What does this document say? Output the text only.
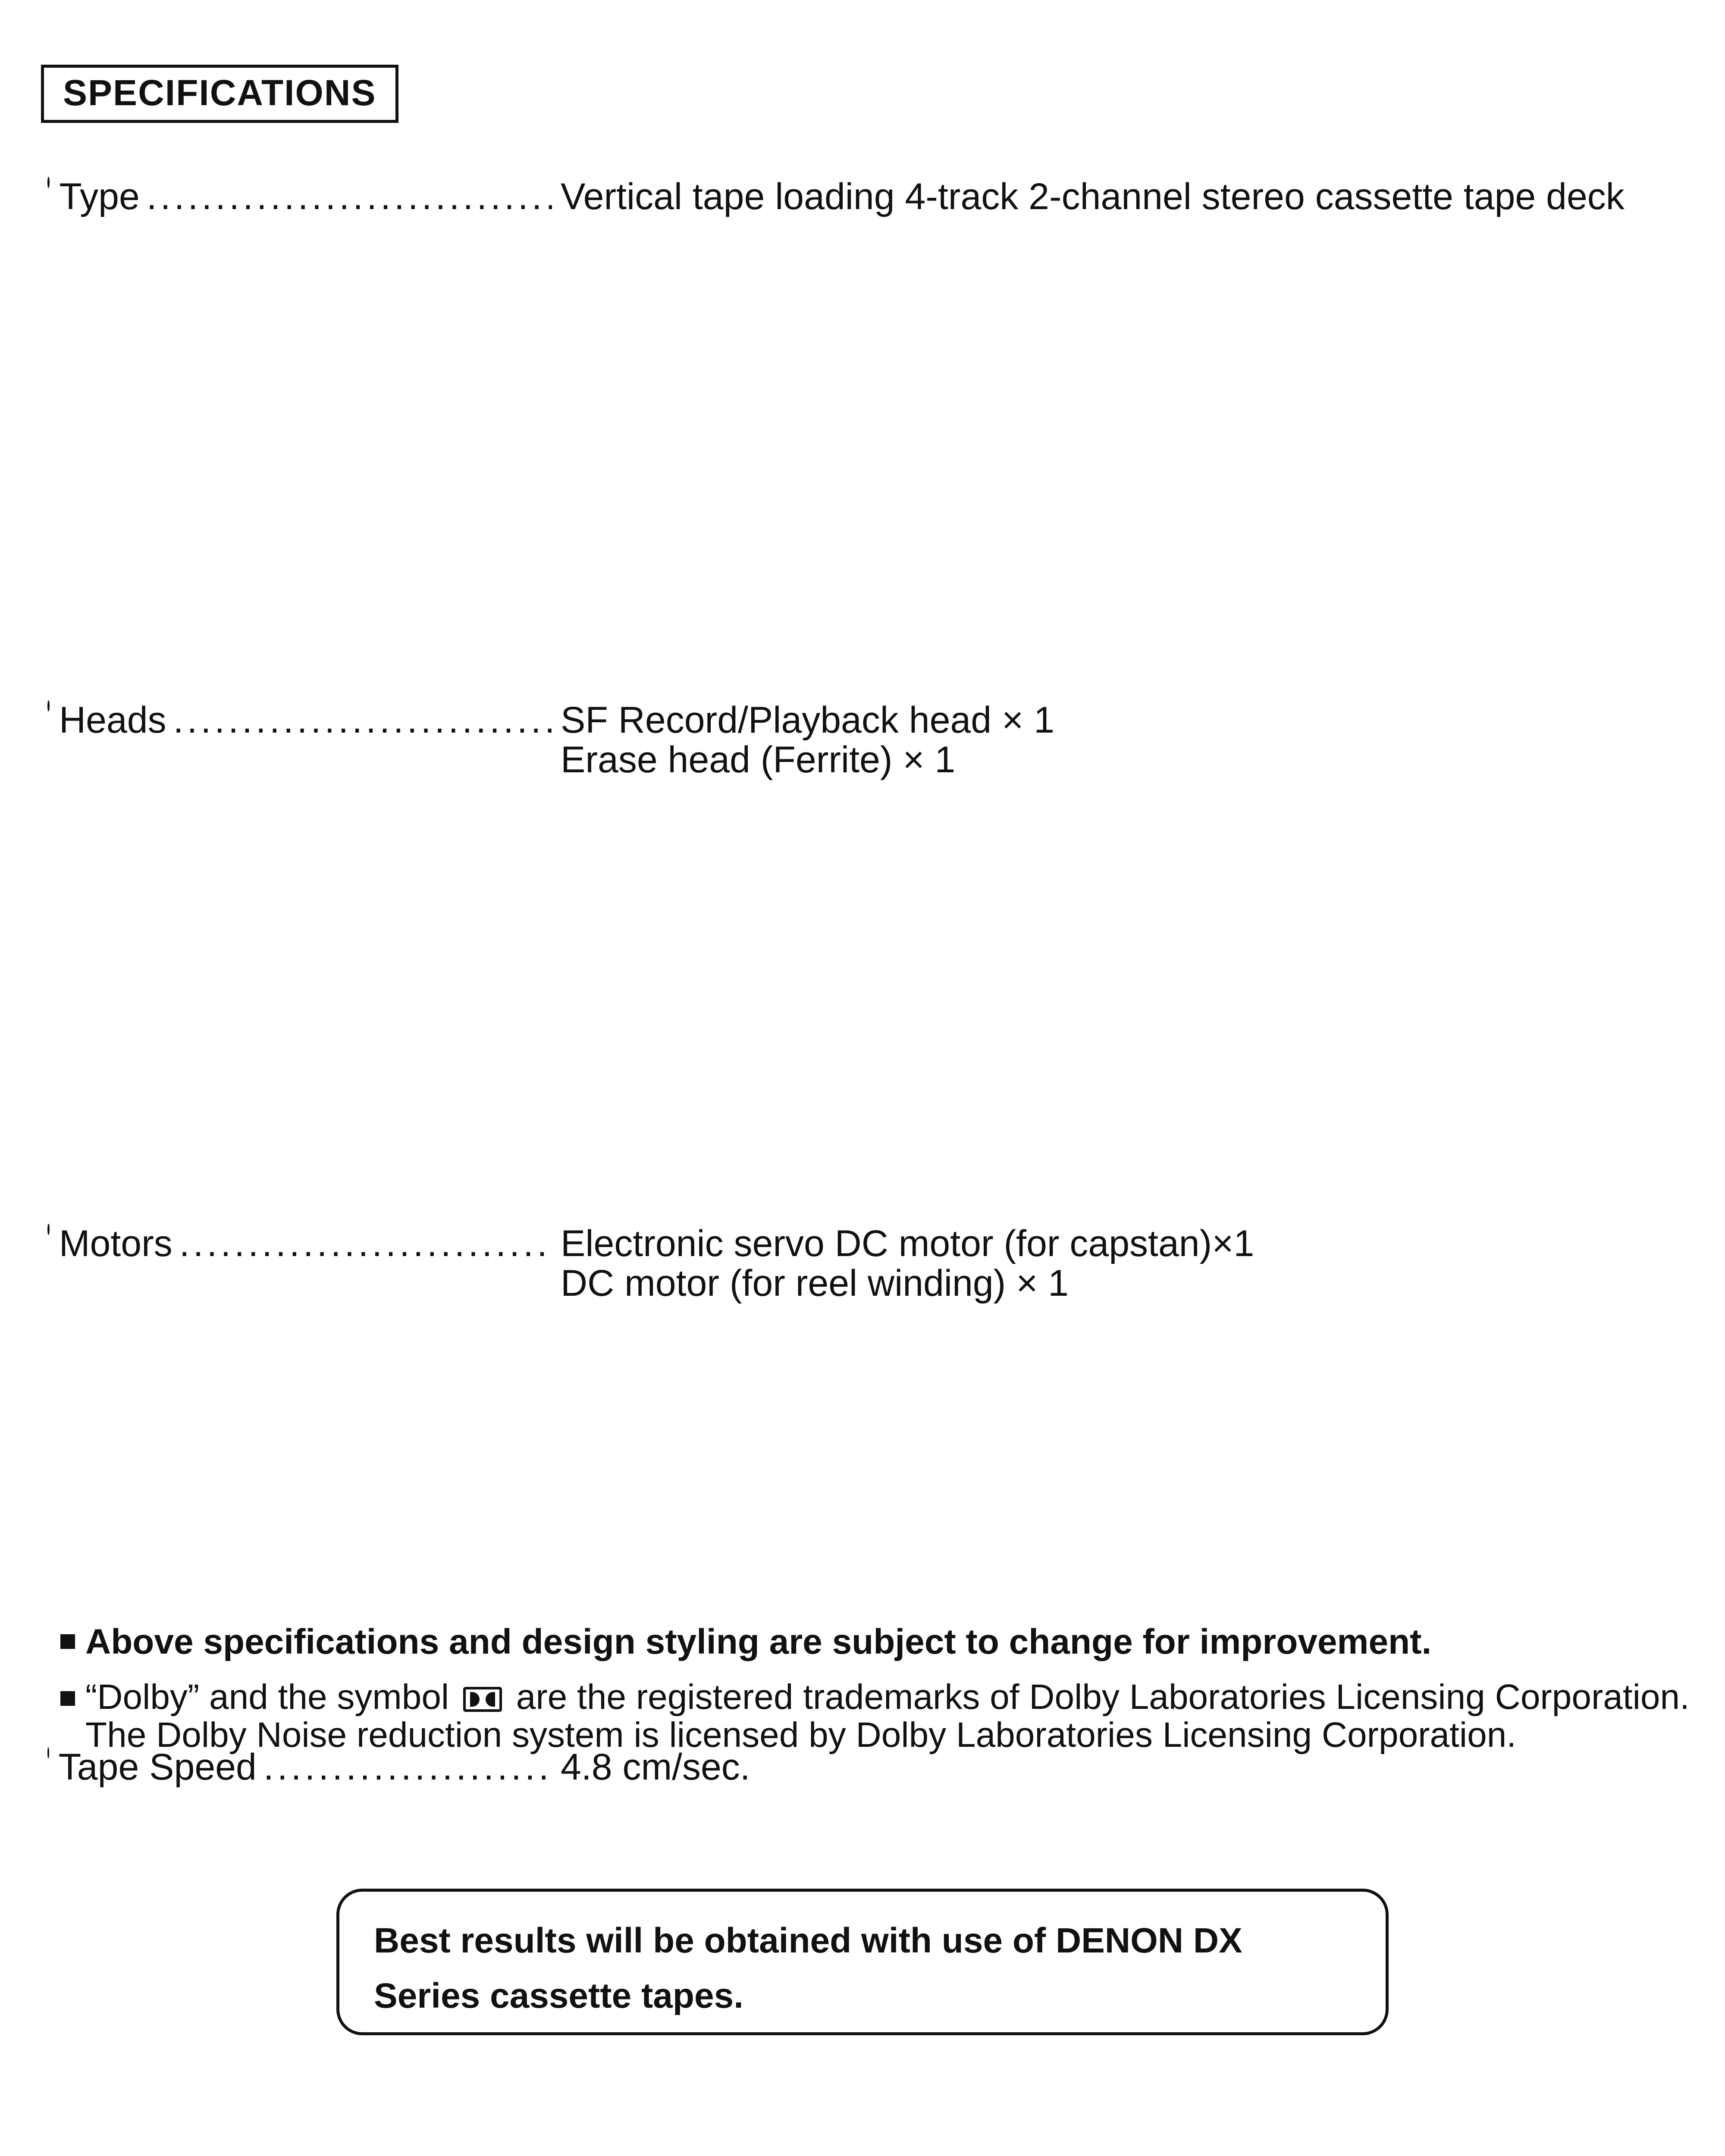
SPECIFICATIONS
Type .....	Vertical tape loading 4-track 2-channel stereo cassette tape deck
Heads .....	SF Record/Playback head × 1
Erase head (Ferrite) × 1
Motors .....	Electronic servo DC motor (for capstan)×1
DC motor (for reel winding) × 1
Tape Speed .....	4.8 cm/sec.
Above specifications and design styling are subject to change for improvement.
“Dolby” and the symbol are the registered trademarks of Dolby Laboratories Licensing Corporation. The Dolby Noise reduction system is licensed by Dolby Laboratories Licensing Corporation.
Best results will be obtained with use of DENON DX Series cassette tapes.
